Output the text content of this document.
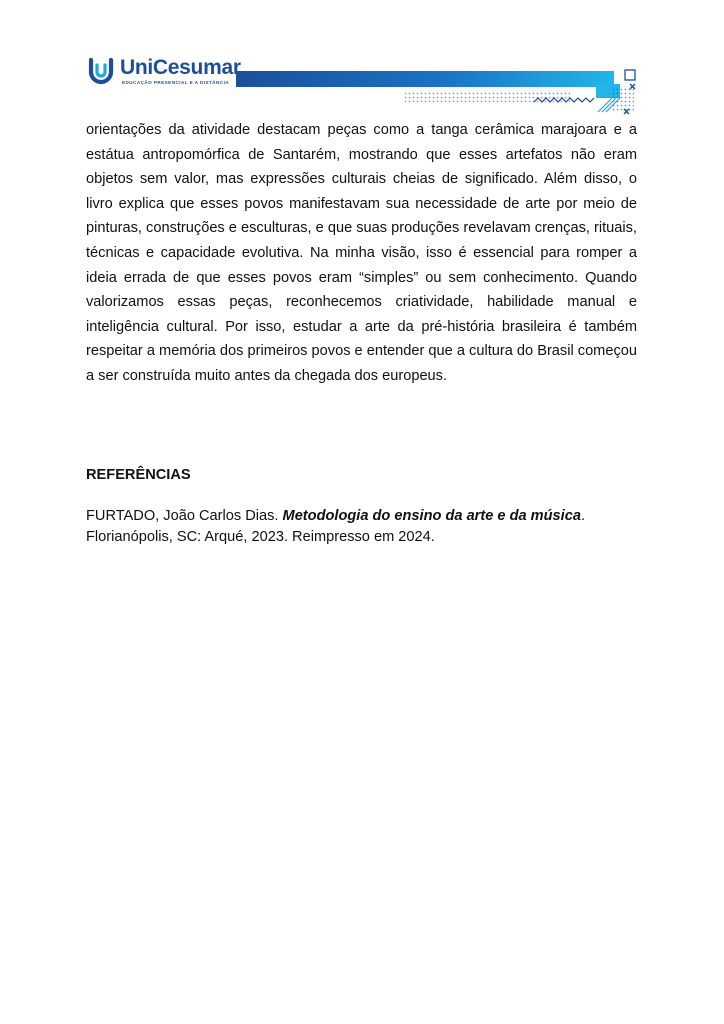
UniCesumar
EDUCAÇÃO PRESENCIAL E A DISTÂNCIA

orientações da atividade destacam peças como a tanga cerâmica marajoara e a estátua antropomórfica de Santarém, mostrando que esses artefatos não eram objetos sem valor, mas expressões culturais cheias de significado. Além disso, o livro explica que esses povos manifestavam sua necessidade de arte por meio de pinturas, construções e esculturas, e que suas produções revelavam crenças, rituais, técnicas e capacidade evolutiva. Na minha visão, isso é essencial para romper a ideia errada de que esses povos eram “simples” ou sem conhecimento. Quando valorizamos essas peças, reconhecemos criatividade, habilidade manual e inteligência cultural. Por isso, estudar a arte da pré-história brasileira é também respeitar a memória dos primeiros povos e entender que a cultura do Brasil começou a ser construída muito antes da chegada dos europeus.

REFERÊNCIAS

FURTADO, João Carlos Dias. Metodologia do ensino da arte e da música.
Florianópolis, SC: Arqué, 2023. Reimpresso em 2024.
